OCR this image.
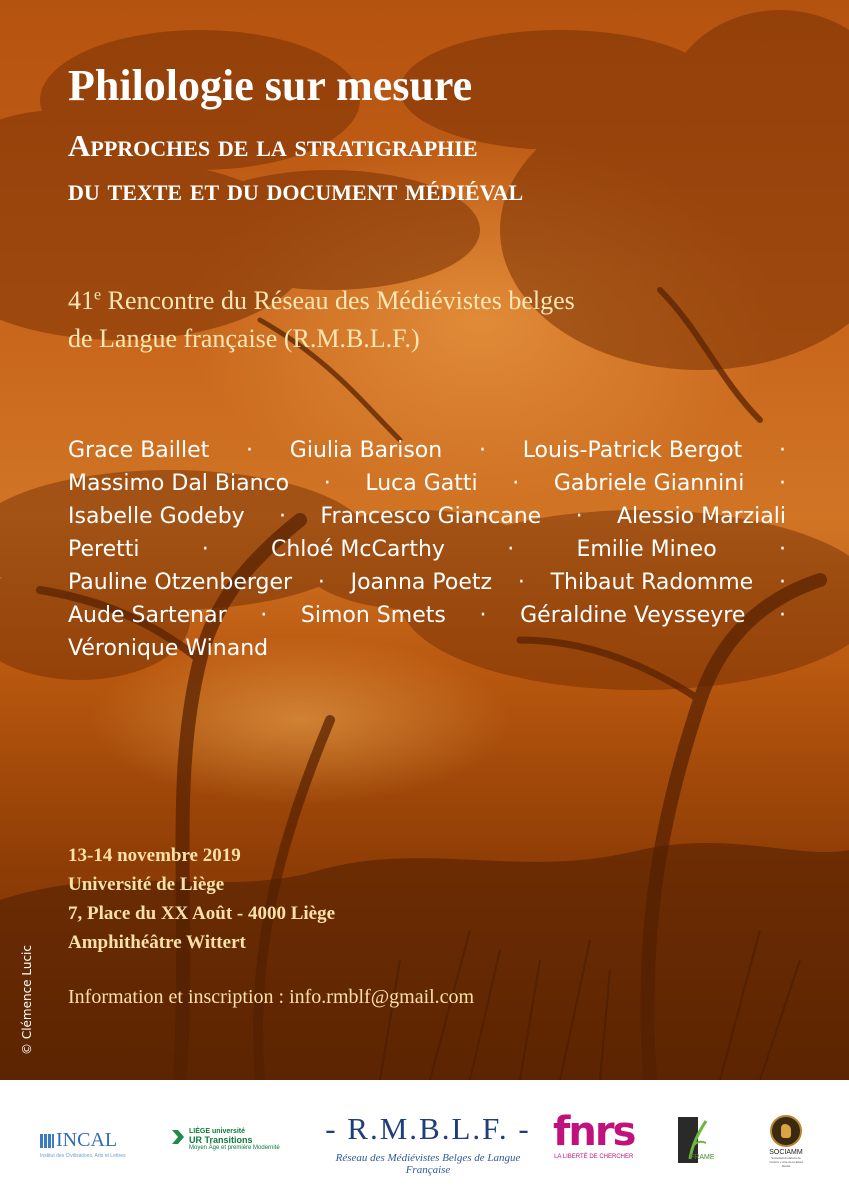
Philologie sur mesure
Approches de la stratigraphie
du texte et du document médiéval
41e Rencontre du Réseau des Médiévistes belges
de Langue française (R.M.B.L.F.)
Grace Baillet · Giulia Barison · Louis-Patrick Bergot ·
Massimo Dal Bianco · Luca Gatti · Gabriele Giannini ·
Isabelle Godeby · Francesco Giancane · Alessio Marziali
Peretti	·	Chloé McCarthy	·	Emilie Mineo	·
Pauline Otzenberger · Joanna Poetz · Thibaut Radomme ·
Aude Sartenar · Simon Smets · Géraldine Veysseyre ·
Véronique Winand
13-14 novembre 2019
Université de Liège
7, Place du XX Août - 4000 Liège
Amphithéâtre Wittert
Information et inscription : info.rmblf@gmail.com
© Clémence Lucic
INCAL
Institut des Civilisations, Arts et Lettres
LIÈGE université
UR Transitions
Moyen Âge et première Modernité
- R.M.B.L.F. -
Réseau des Médiévistes Belges de Langue Française
fnrs
LA LIBERTÉ DE CHERCHER	FRAME
SOCIAMM
Sociedad Andaluza de Cultura y Arte de la Edad Media
